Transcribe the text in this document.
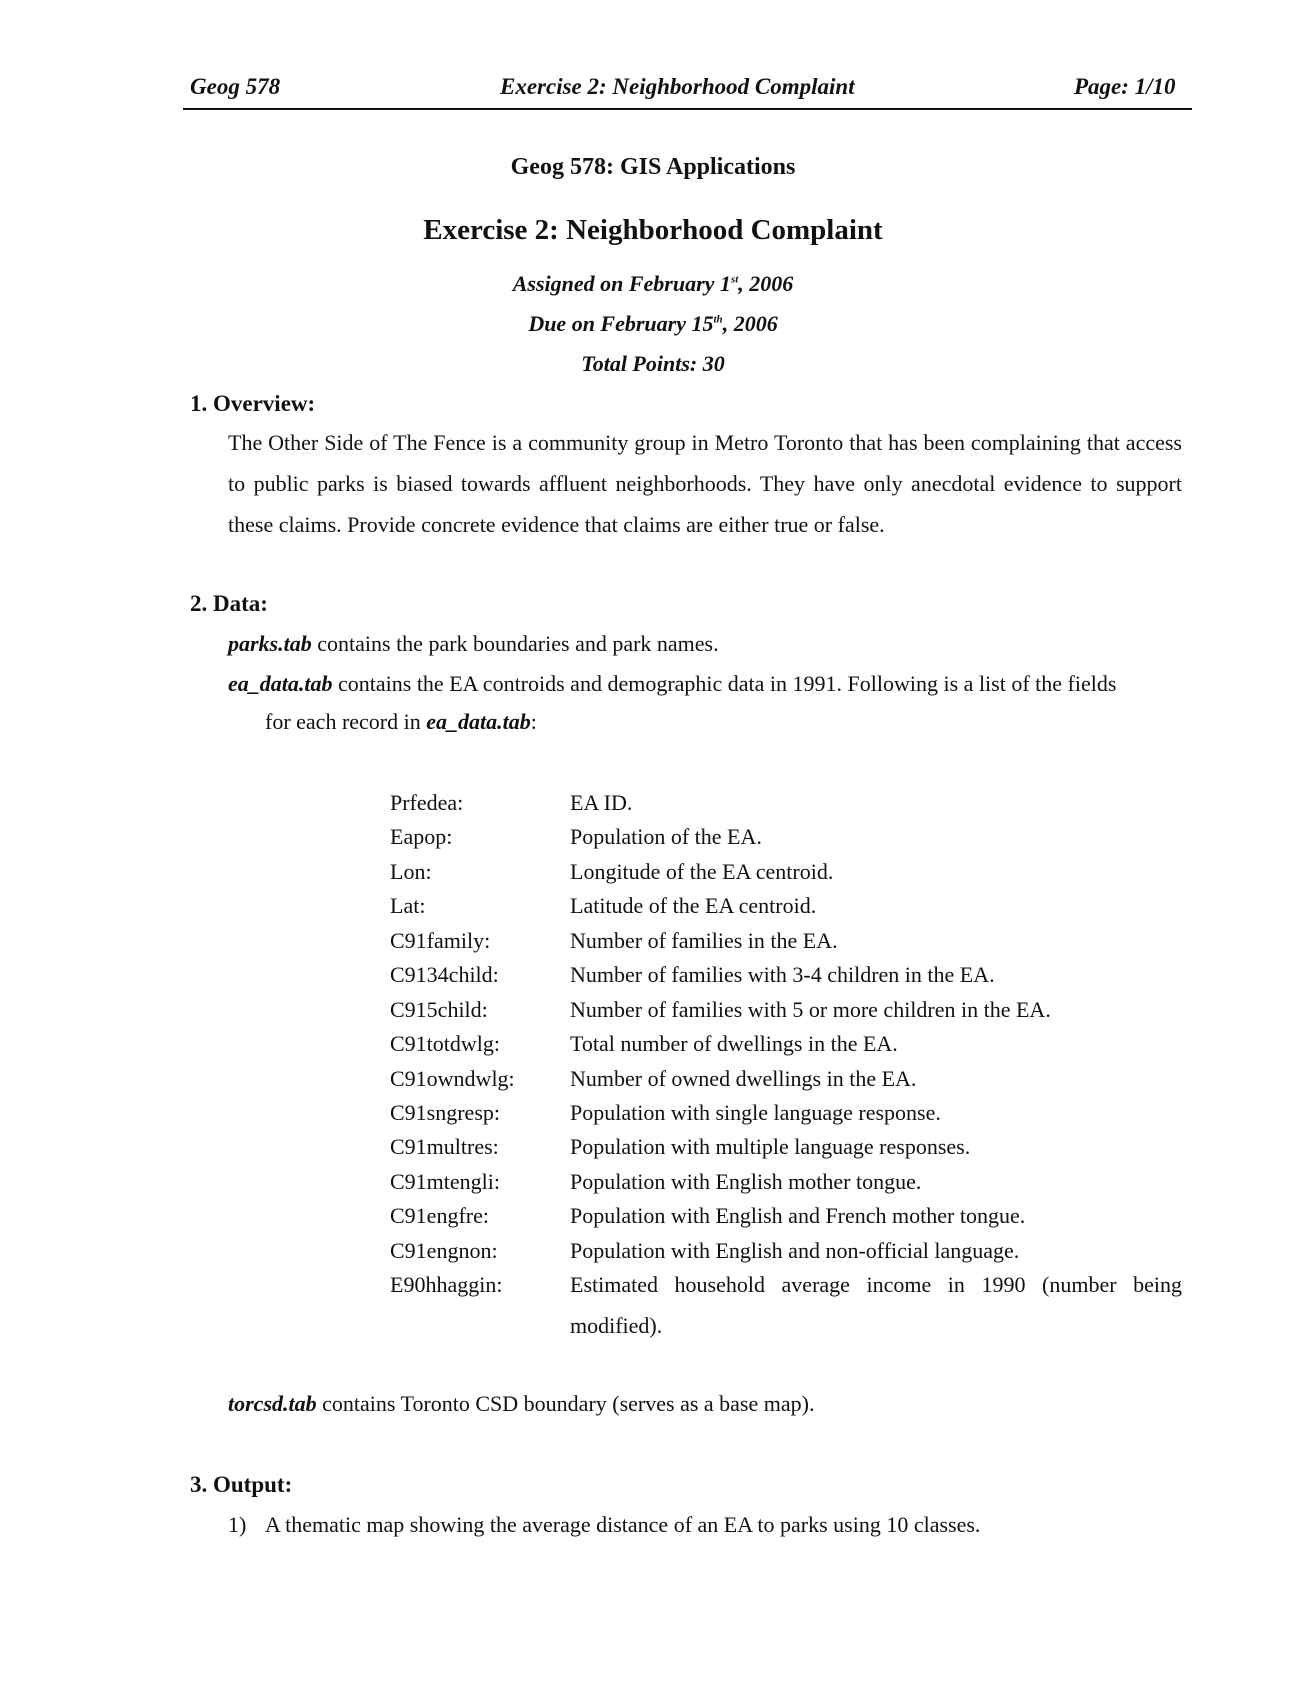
Geog 578	Exercise 2: Neighborhood Complaint	Page: 1/10
Geog 578: GIS Applications
Exercise 2: Neighborhood Complaint
Assigned on February 1st, 2006
Due on February 15th, 2006
Total Points: 30
1. Overview:
The Other Side of The Fence is a community group in Metro Toronto that has been complaining that access to public parks is biased towards affluent neighborhoods. They have only anecdotal evidence to support these claims. Provide concrete evidence that claims are either true or false.
2. Data:
parks.tab contains the park boundaries and park names.
ea_data.tab contains the EA controids and demographic data in 1991. Following is a list of the fields
for each record in ea_data.tab:
Prfedea:	EA ID.
Eapop:	Population of the EA.
Lon:	Longitude of the EA centroid.
Lat:	Latitude of the EA centroid.
C91family:	Number of families in the EA.
C9134child:	Number of families with 3-4 children in the EA.
C915child:	Number of families with 5 or more children in the EA.
C91totdwlg:	Total number of dwellings in the EA.
C91owndwlg:	Number of owned dwellings in the EA.
C91sngresp:	Population with single language response.
C91multres:	Population with multiple language responses.
C91mtengli:	Population with English mother tongue.
C91engfre:	Population with English and French mother tongue.
C91engnon:	Population with English and non-official language.
E90hhaggin:	Estimated household average income in 1990 (number being
modified).
torcsd.tab contains Toronto CSD boundary (serves as a base map).
3. Output:
1) A thematic map showing the average distance of an EA to parks using 10 classes.
